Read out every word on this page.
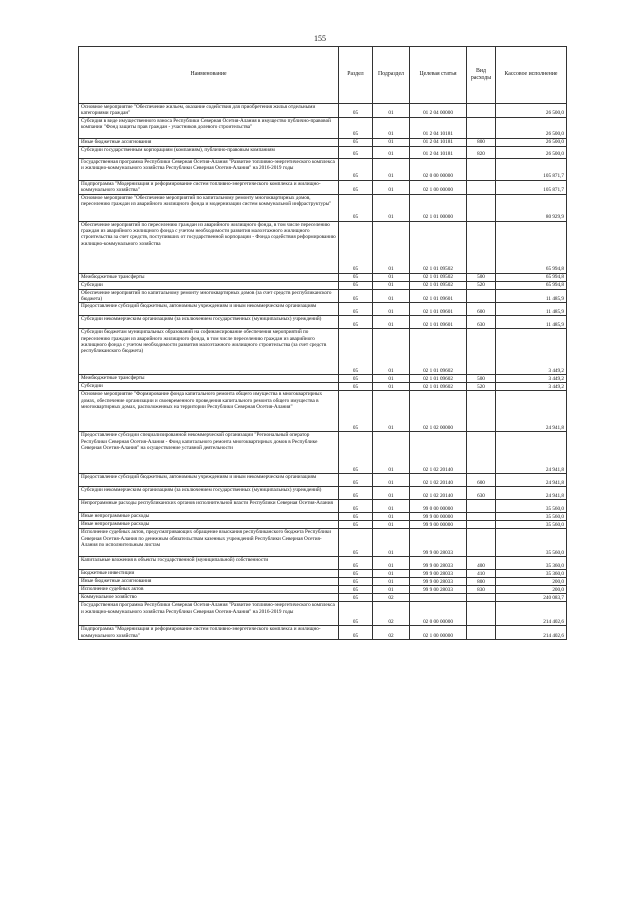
155
Наименование	Раздел	Подраздел	Целевая статья	Вид расходы	Кассовое исполнение
Основное мероприятие "Обеспечение жильем, оказание содействия для приобретения жилья отдельными категориями граждан"	05	01	01 2 04 00000		26 500,0
Субсидия в виде имущественного взноса Республики Северная Осетия-Алания в имущество публично-правовой компании "Фонд защиты прав граждан - участников долевого строительства"	05	01	01 2 04 10181		26 500,0
Иные бюджетные ассигнования	05	01	01 2 04 10181	800	26 500,0
Субсидии государственным корпорациям (компаниям), публично-правовым компаниям	05	01	01 2 04 10181	820	26 500,0
Государственная программа Республики Северная Осетия-Алания "Развитие топливно-энергетического комплекса и жилищно-коммунального хозяйства Республики Северная Осетия-Алания" на 2016-2019 годы	05	01	02 0 00 00000		105 871,7
Подпрограмма "Модернизация и реформирование систем топливно-энергетического комплекса и жилищно-коммунального хозяйства"	05	01	02 1 00 00000		105 871,7
Основное мероприятие "Обеспечение мероприятий по капитальному ремонту многоквартирных домов, переселению граждан из аварийного жилищного фонда и модернизации систем коммунальной инфраструктуры"	05	01	02 1 01 00000		80 929,9
Обеспечение мероприятий по переселению граждан из аварийного жилищного фонда, в том числе переселению граждан из аварийного жилищного фонда с учетом необходимости развития малоэтажного жилищного строительства за счет средств, поступивших от государственной корпорации - Фонда содействия реформированию жилищно-коммунального хозяйства	05	01	02 1 01 09502		65 994,8
Межбюджетные трансферты	05	01	02 1 01 09502	500	65 994,8
Субсидии	05	01	02 1 01 09502	520	65 994,8
Обеспечение мероприятий по капитальному ремонту многоквартирных домов (за счет средств республиканского бюджета)	05	01	02 1 01 09601		11 485,9
Предоставление субсидий бюджетным, автономным учреждениям и иным некоммерческим организациям	05	01	02 1 01 09601	600	11 485,9
Субсидии некоммерческим организациям (за исключением государственных (муниципальных) учреждений)	05	01	02 1 01 09601	630	11 485,9
Субсидии бюджетам муниципальных образований на софинансирование обеспечения мероприятий по переселению граждан из аварийного жилищного фонда, в том числе переселению граждан из аварийного жилищного фонда с учетом необходимости развития малоэтажного жилищного строительства (за счет средств республиканского бюджета)	05	01	02 1 01 09602		3 449,2
Межбюджетные трансферты	05	01	02 1 01 09602	500	3 449,2
Субсидии	05	01	02 1 01 09602	520	3 449,2
Основное мероприятие "Формирование фонда капитального ремонта общего имущества в многоквартирных домах, обеспечение организации и своевременного проведения капитального ремонта общего имущества в многоквартирных домах, расположенных на территории Республики Северная Осетия-Алания"	05	01	02 1 02 00000		24 941,8
Предоставление субсидии специализированной некоммерческой организации "Региональный оператор Республики Северная Осетия-Алания - Фонд капитального ремонта многоквартирных домов в Республике Северная Осетия-Алания" на осуществление уставной деятельности	05	01	02 1 02 20140		24 941,8
Предоставление субсидий бюджетным, автономным учреждениям и иным некоммерческим организациям	05	01	02 1 02 20140	600	24 941,8
Субсидии некоммерческим организациям (за исключением государственных (муниципальных) учреждений)	05	01	02 1 02 20140	630	24 941,8
Непрограммные расходы республиканских органов исполнительной власти Республики Северная Осетия-Алания	05	01	99 0 00 00000		35 560,0
Иные непрограммные расходы	05	01	99 9 00 00000		35 560,0
Иные непрограммные расходы	05	01	99 9 00 00000		35 560,0
Исполнение судебных актов, предусматривающих обращение взыскания республиканского бюджета Республики Северная Осетия-Алания по денежным обязательствам казенных учреждений Республики Северная Осетия-Алания по исполнительным листам	05	01	99 9 00 28033		35 560,0
Капитальные вложения в объекты государственной (муниципальной) собственности	05	01	99 9 00 28033	400	35 360,0
Бюджетные инвестиции	05	01	99 9 00 28033	410	35 360,0
Иные бюджетные ассигнования	05	01	99 9 00 28033	800	200,0
Исполнение судебных актов	05	01	99 9 00 28033	830	200,0
Коммунальное хозяйство	05	02			240 083,7
Государственная программа Республики Северная Осетия-Алания "Развитие топливно-энергетического комплекса и жилищно-коммунального хозяйства Республики Северная Осетия-Алания" на 2016-2019 годы	05	02	02 0 00 00000		214 402,6
Подпрограмма "Модернизация и реформирование систем топливно-энергетического комплекса и жилищно-коммунального хозяйства"	05	02	02 1 00 00000		214 402,6
